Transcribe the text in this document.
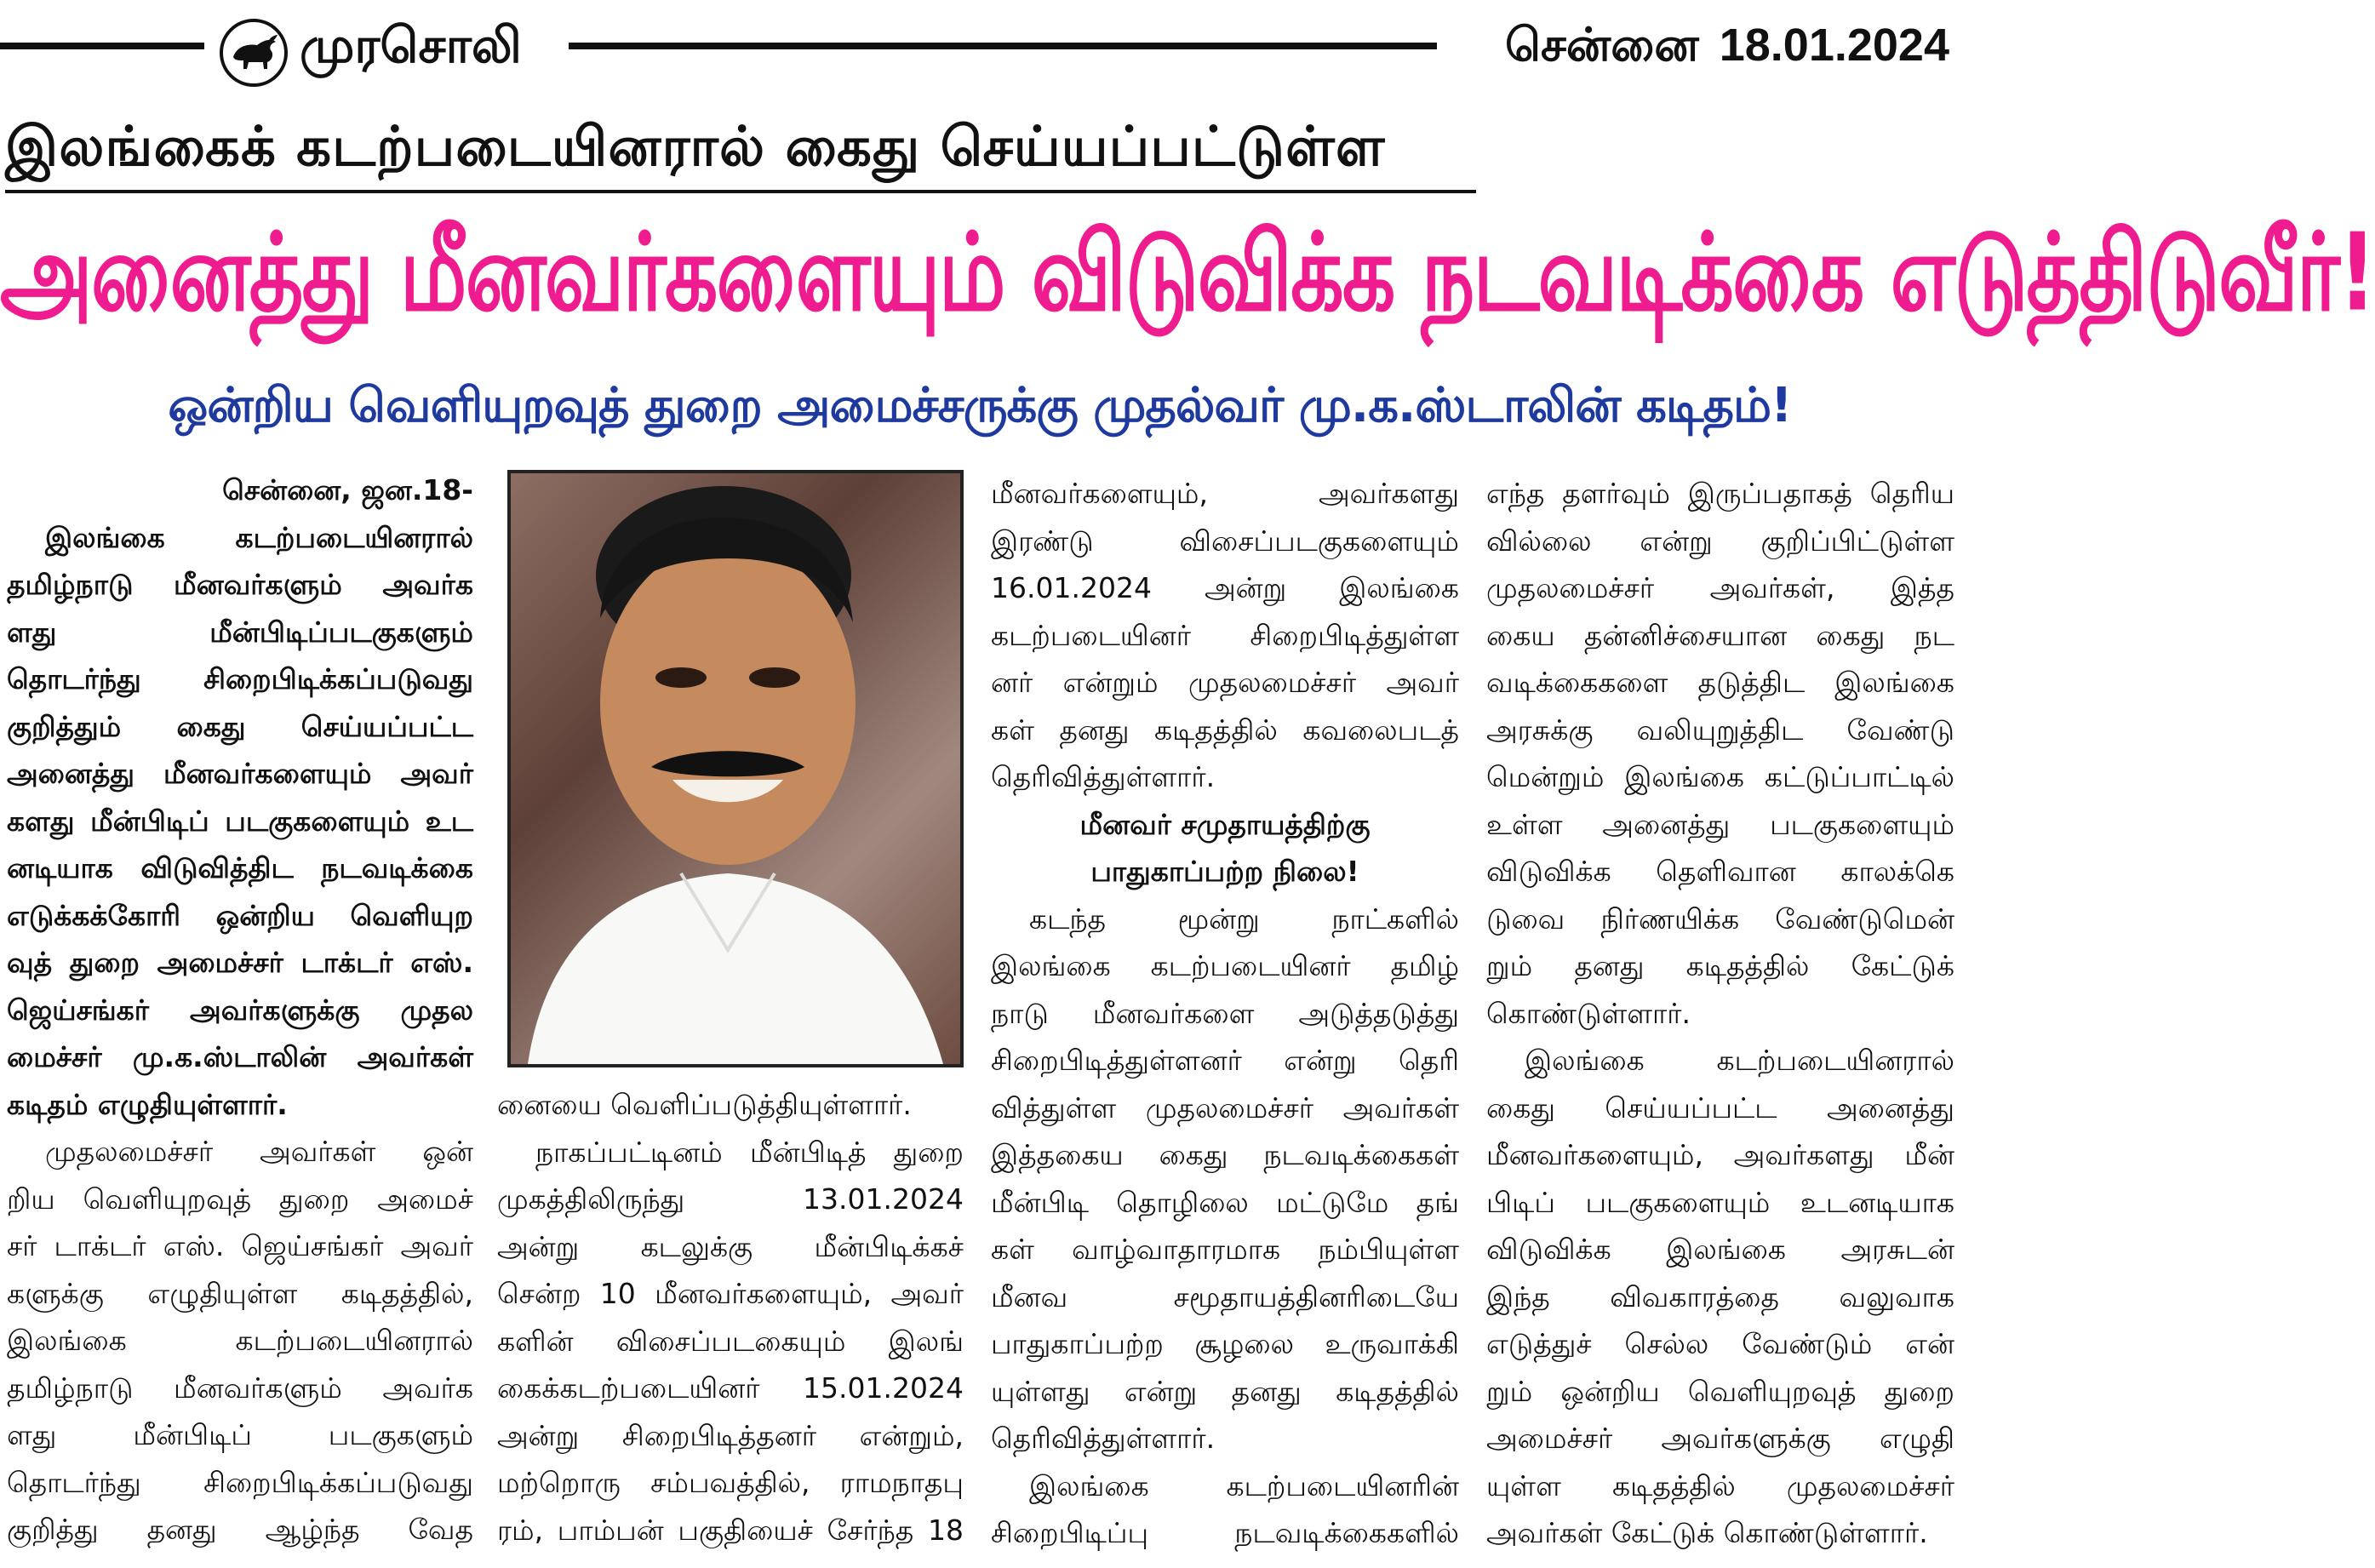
முரசொலி	சென்னை 18.01.2024
இலங்கைக் கடற்படையினரால் கைது செய்யப்பட்டுள்ள
அனைத்து மீனவர்களையும் விடுவிக்க நடவடிக்கை எடுத்திடுவீர்!
ஒன்றிய வெளியுறவுத் துறை அமைச்சருக்கு முதல்வர் மு.க.ஸ்டாலின் கடிதம்!

சென்னை, ஜன.18-

இலங்கை கடற்படையினரால்

தமிழ்நாடு மீனவர்களும் அவர்க

ளது மீன்பிடிப்படகுகளும்

தொடர்ந்து சிறைபிடிக்கப்படுவது

குறித்தும் கைது செய்யப்பட்ட

அனைத்து மீனவர்களையும் அவர்

களது மீன்பிடிப் படகுகளையும் உட

னடியாக விடுவித்திட நடவடிக்கை

எடுக்கக்கோரி ஒன்றிய வெளியுற

வுத் துறை அமைச்சர் டாக்டர் எஸ்.

ஜெய்சங்கர் அவர்களுக்கு முதல

மைச்சர் மு.க.ஸ்டாலின் அவர்கள்

கடிதம் எழுதியுள்ளார்.

முதலமைச்சர் அவர்கள் ஒன்

றிய வெளியுறவுத் துறை அமைச்

சர் டாக்டர் எஸ். ஜெய்சங்கர் அவர்

களுக்கு எழுதியுள்ள கடிதத்தில்,

இலங்கை கடற்படையினரால்

தமிழ்நாடு மீனவர்களும் அவர்க

ளது மீன்பிடிப் படகுகளும்

தொடர்ந்து சிறைபிடிக்கப்படுவது

குறித்து தனது ஆழ்ந்த வேத

னையை வெளிப்படுத்தியுள்ளார்.

நாகப்பட்டினம் மீன்பிடித் துறை

முகத்திலிருந்து 13.01.2024

அன்று கடலுக்கு மீன்பிடிக்கச்

சென்ற 10 மீனவர்களையும், அவர்

களின் விசைப்படகையும் இலங்

கைக்கடற்படையினர் 15.01.2024

அன்று சிறைபிடித்தனர் என்றும்,

மற்றொரு சம்பவத்தில், ராமநாதபு

ரம், பாம்பன் பகுதியைச் சேர்ந்த 18

மீனவர்களையும், அவர்களது

இரண்டு விசைப்படகுகளையும்

16.01.2024 அன்று இலங்கை

கடற்படையினர் சிறைபிடித்துள்ள

னர் என்றும் முதலமைச்சர் அவர்

கள் தனது கடிதத்தில் கவலைபடத்

தெரிவித்துள்ளார்.

மீனவர் சமுதாயத்திற்கு

பாதுகாப்பற்ற நிலை!

கடந்த மூன்று நாட்களில்

இலங்கை கடற்படையினர் தமிழ்

நாடு மீனவர்களை அடுத்தடுத்து

சிறைபிடித்துள்ளனர் என்று தெரி

வித்துள்ள முதலமைச்சர் அவர்கள்

இத்தகைய கைது நடவடிக்கைகள்

மீன்பிடி தொழிலை மட்டுமே தங்

கள் வாழ்வாதாரமாக நம்பியுள்ள

மீனவ சமூதாயத்தினரிடையே

பாதுகாப்பற்ற சூழலை உருவாக்கி

யுள்ளது என்று தனது கடிதத்தில்

தெரிவித்துள்ளார்.

இலங்கை கடற்படையினரின்

சிறைபிடிப்பு நடவடிக்கைகளில்

எந்த தளர்வும் இருப்பதாகத் தெரிய

வில்லை என்று குறிப்பிட்டுள்ள

முதலமைச்சர் அவர்கள், இத்த

கைய தன்னிச்சையான கைது நட

வடிக்கைகளை தடுத்திட இலங்கை

அரசுக்கு வலியுறுத்திட வேண்டு

மென்றும் இலங்கை கட்டுப்பாட்டில்

உள்ள அனைத்து படகுகளையும்

விடுவிக்க தெளிவான காலக்கெ

டுவை நிர்ணயிக்க வேண்டுமென்

றும் தனது கடிதத்தில் கேட்டுக்

கொண்டுள்ளார்.

இலங்கை கடற்படையினரால்

கைது செய்யப்பட்ட அனைத்து

மீனவர்களையும், அவர்களது மீன்

பிடிப் படகுகளையும் உடனடியாக

விடுவிக்க இலங்கை அரசுடன்

இந்த விவகாரத்தை வலுவாக

எடுத்துச் செல்ல வேண்டும் என்

றும் ஒன்றிய வெளியுறவுத் துறை

அமைச்சர் அவர்களுக்கு எழுதி

யுள்ள கடிதத்தில் முதலமைச்சர்

அவர்கள் கேட்டுக் கொண்டுள்ளார்.
